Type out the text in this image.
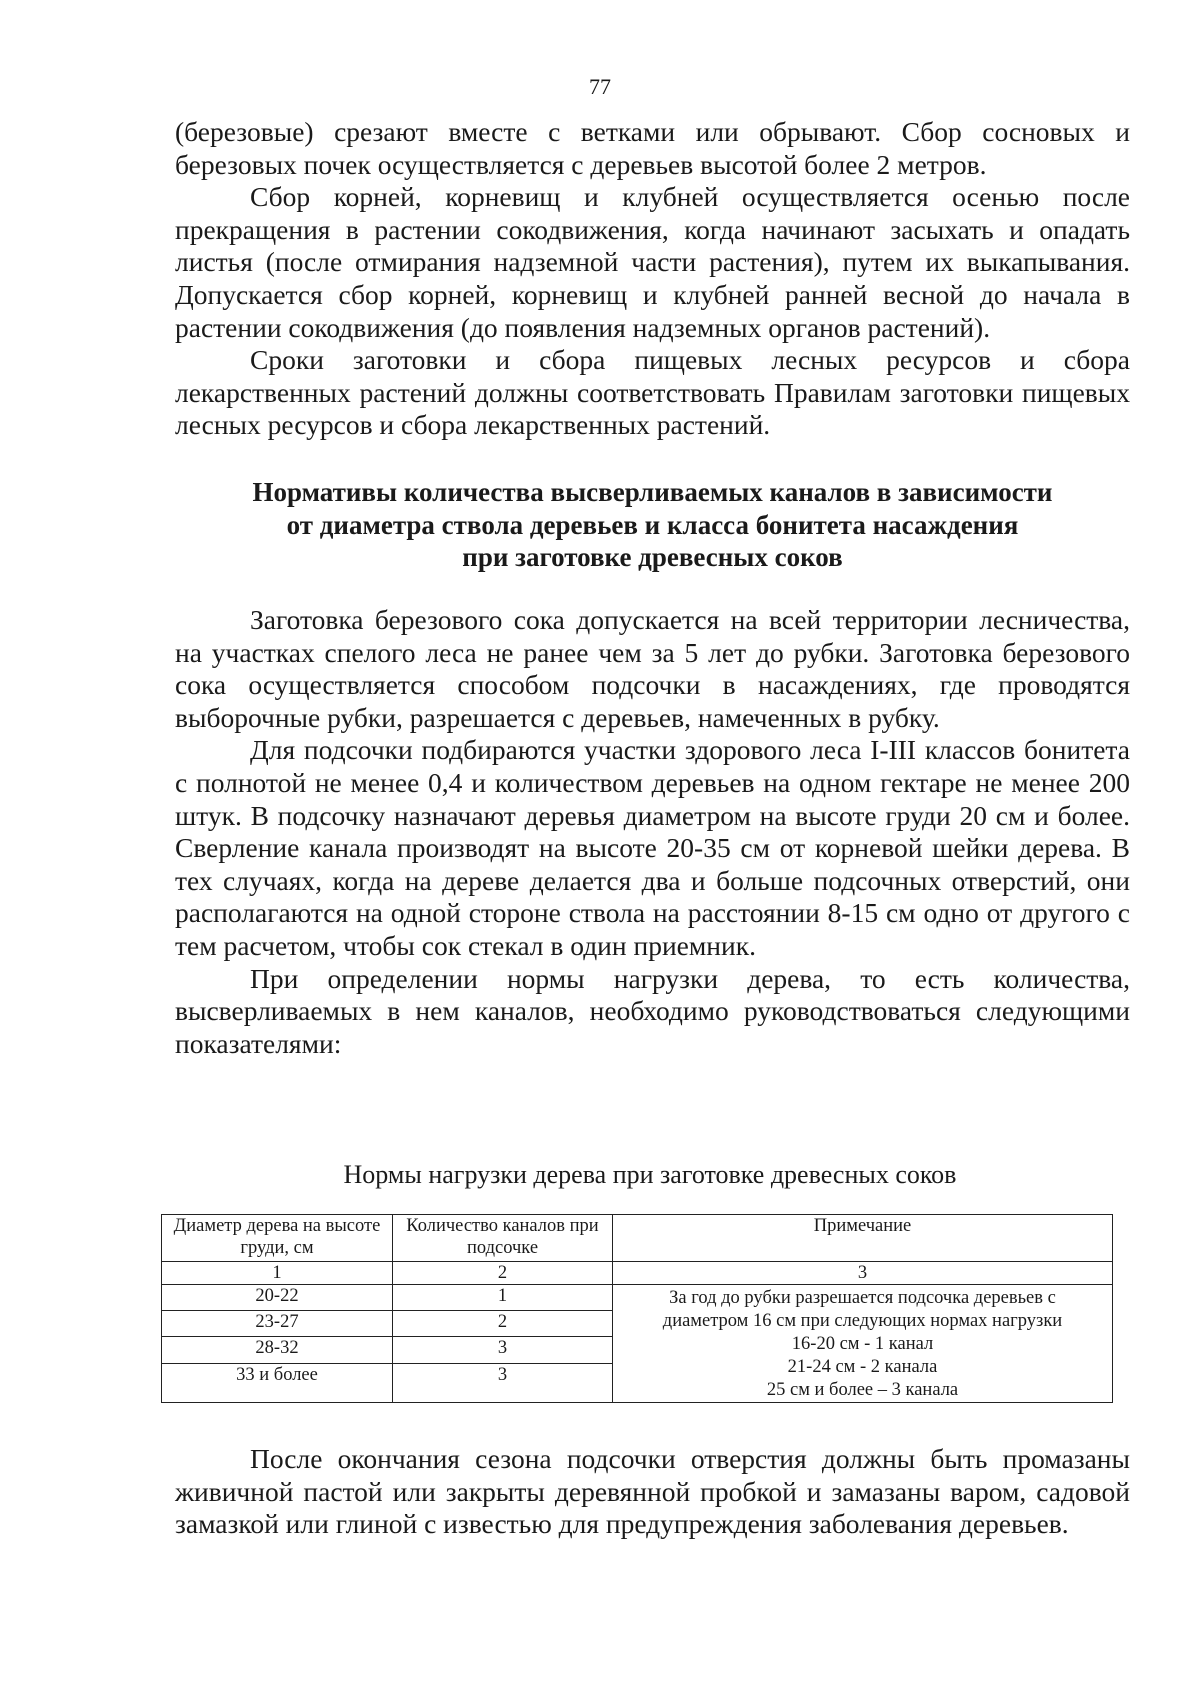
77

(березовые) срезают вместе с ветками или обрывают. Сбор сосновых и березовых почек осуществляется с деревьев высотой более 2 метров.

Сбор корней, корневищ и клубней осуществляется осенью после прекращения в растении сокодвижения, когда начинают засыхать и опадать листья (после отмирания надземной части растения), путем их выкапывания. Допускается сбор корней, корневищ и клубней ранней весной до начала в растении сокодвижения (до появления надземных органов растений).

Сроки заготовки и сбора пищевых лесных ресурсов и сбора лекарственных растений должны соответствовать Правилам заготовки пищевых лесных ресурсов и сбора лекарственных растений.

Нормативы количества высверливаемых каналов в зависимости
от диаметра ствола деревьев и класса бонитета насаждения
при заготовке древесных соков

Заготовка березового сока допускается на всей территории лесничества, на участках спелого леса не ранее чем за 5 лет до рубки. Заготовка березового сока осуществляется способом подсочки в насаждениях, где проводятся выборочные рубки, разрешается с деревьев, намеченных в рубку.

Для подсочки подбираются участки здорового леса I-III классов бонитета с полнотой не менее 0,4 и количеством деревьев на одном гектаре не менее 200 штук. В подсочку назначают деревья диаметром на высоте груди 20 см и более. Сверление канала производят на высоте 20-35 см от корневой шейки дерева. В тех случаях, когда на дереве делается два и больше подсочных отверстий, они располагаются на одной стороне ствола на расстоянии 8-15 см одно от другого с тем расчетом, чтобы сок стекал в один приемник.

При определении нормы нагрузки дерева, то есть количества, высверливаемых в нем каналов, необходимо руководствоваться следующими показателями:

Нормы нагрузки дерева при заготовке древесных соков
Диаметр дерева на высоте груди, см	Количество каналов при подсочке	Примечание
1	2	3
20-22	1	За год до рубки разрешается подсочка деревьев с
диаметром 16 см при следующих нормах нагрузки
16-20 см - 1 канал
21-24 см - 2 канала
25 см и более – 3 канала

23-27	2	
28-32	3	
33 и более	3	

После окончания сезона подсочки отверстия должны быть промазаны живичной пастой или закрыты деревянной пробкой и замазаны варом, садовой замазкой или глиной с известью для предупреждения заболевания деревьев.
